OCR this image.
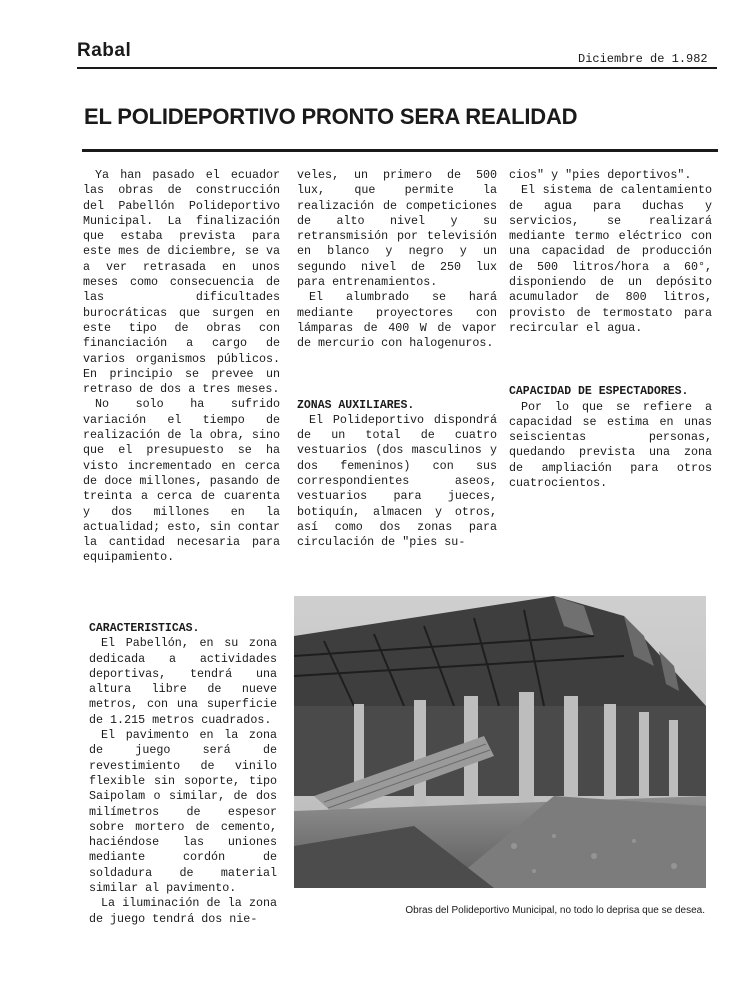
Rabal	Diciembre de 1.982
EL POLIDEPORTIVO PRONTO SERA REALIDAD

Ya han pasado el ecuador las obras de construcción del Pabellón Polideportivo Municipal. La finalización que estaba prevista para este mes de diciembre, se va a ver retrasada en unos meses como consecuencia de las dificultades burocráticas que surgen en este tipo de obras con financiación a cargo de varios organismos públicos. En principio se prevee un retraso de dos a tres meses.

No solo ha sufrido variación el tiempo de realización de la obra, sino que el presupuesto se ha visto incrementado en cerca de doce millones, pasando de treinta a cerca de cuarenta y dos millones en la actualidad; esto, sin contar la cantidad necesaria para equipamiento.

veles, un primero de 500 lux, que permite la realización de competiciones de alto nivel y su retransmisión por televisión en blanco y negro y un segundo nivel de 250 lux para entrenamientos.

El alumbrado se hará mediante proyectores con lámparas de 400 W de vapor de mercurio con halogenuros.

ZONAS AUXILIARES.

El Polideportivo dispondrá de un total de cuatro vestuarios (dos masculinos y dos femeninos) con sus correspondientes aseos, vestuarios para jueces, botiquín, almacen y otros, así como dos zonas para circulación de "pies su-

cios" y "pies deportivos".

El sistema de calentamiento de agua para duchas y servicios, se realizará mediante termo eléctrico con una capacidad de producción de 500 litros/hora a 60°, disponiendo de un depósito acumulador de 800 litros, provisto de termostato para recircular el agua.

CAPACIDAD DE ESPECTADORES.

Por lo que se refiere a capacidad se estima en unas seiscientas personas, quedando prevista una zona de ampliación para otros cuatrocientos.

CARACTERISTICAS.

El Pabellón, en su zona dedicada a actividades deportivas, tendrá una altura libre de nueve metros, con una superficie de 1.215 metros cuadrados.

El pavimento en la zona de juego será de revestimiento de vinilo flexible sin soporte, tipo Saipolam o similar, de dos milímetros de espesor sobre mortero de cemento, haciéndose las uniones mediante cordón de soldadura de material similar al pavimento.

La iluminación de la zona de juego tendrá dos nie-

Obras del Polideportivo Municipal, no todo lo deprisa que se desea.
